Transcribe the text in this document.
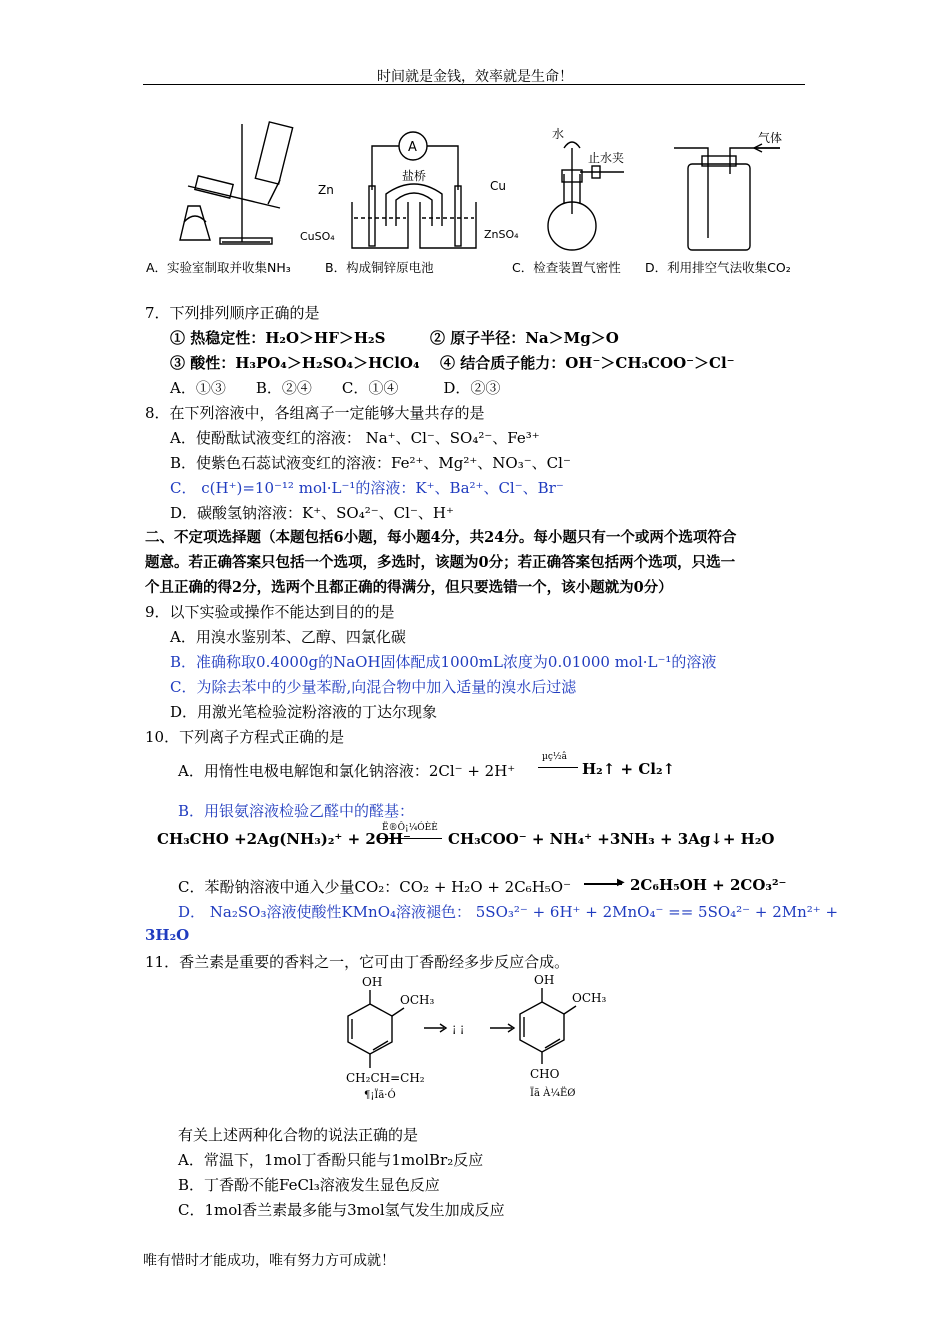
时间就是金钱，效率就是生命！
A
盐桥
Zn	Cu
CuSO₄	ZnSO₄
水
止水夹
气体
A．实验室制取并收集NH₃	B．构成铜锌原电池	C．检查装置气密性 D．利用排空气法收集CO₂
7．下列排列顺序正确的是
① 热稳定性：H₂O＞HF＞H₂S	② 原子半径：Na＞Mg＞O
③ 酸性：H₃PO₄＞H₂SO₄＞HClO₄ ④ 结合质子能力：OH⁻＞CH₃COO⁻＞Cl⁻
A．①③　　B．②④　　C．①④　　　D．②③
8．在下列溶液中，各组离子一定能够大量共存的是
A．使酚酞试液变红的溶液： Na⁺、Cl⁻、SO₄²⁻、Fe³⁺
B．使紫色石蕊试液变红的溶液：Fe²⁺、Mg²⁺、NO₃⁻、Cl⁻
C． c(H⁺)=10⁻¹² mol·L⁻¹的溶液：K⁺、Ba²⁺、Cl⁻、Br⁻
D．碳酸氢钠溶液：K⁺、SO₄²⁻、Cl⁻、H⁺
二、不定项选择题（本题包括6小题，每小题4分，共24分。每小题只有一个或两个选项符合
题意。若正确答案只包括一个选项，多选时，该题为0分；若正确答案包括两个选项，只选一
个且正确的得2分，选两个且都正确的得满分，但只要选错一个，该小题就为0分）
9．以下实验或操作不能达到目的的是
A．用溴水鉴别苯、乙醇、四氯化碳
B．准确称取0.4000g的NaOH固体配成1000mL浓度为0.01000 mol·L⁻¹的溶液
C．为除去苯中的少量苯酚,向混合物中加入适量的溴水后过滤
D．用激光笔检验淀粉溶液的丁达尔现象
10．下列离子方程式正确的是
A．用惰性电极电解饱和氯化钠溶液：2Cl⁻ + 2H⁺
µç½â
H₂↑ + Cl₂↑
B．用银氨溶液检验乙醛中的醛基：
CH₃CHO +2Ag(NH₃)₂⁺ + 2OH⁻
Ë®Ô¡¼ÓÈÈ
CH₃COO⁻ + NH₄⁺ +3NH₃ + 3Ag↓+ H₂O
C．苯酚钠溶液中通入少量CO₂：CO₂ + H₂O + 2C₆H₅O⁻	▶ 2C₆H₅OH + 2CO₃²⁻
D． Na₂SO₃溶液使酸性KMnO₄溶液褪色： 5SO₃²⁻ + 6H⁺ + 2MnO₄⁻ == 5SO₄²⁻ + 2Mn²⁺ +
3H₂O
11．香兰素是重要的香料之一，它可由丁香酚经多步反应合成。
OH
OCH₃
CH₂CH=CH₂
¶¡Ïã·Ó
¡ ¡
OH
OCH₃
CHO
Ïã À¼ËØ
有关上述两种化合物的说法正确的是
A．常温下，1mol丁香酚只能与1molBr₂反应
B．丁香酚不能FeCl₃溶液发生显色反应
C．1mol香兰素最多能与3mol氢气发生加成反应
唯有惜时才能成功，唯有努力方可成就！
